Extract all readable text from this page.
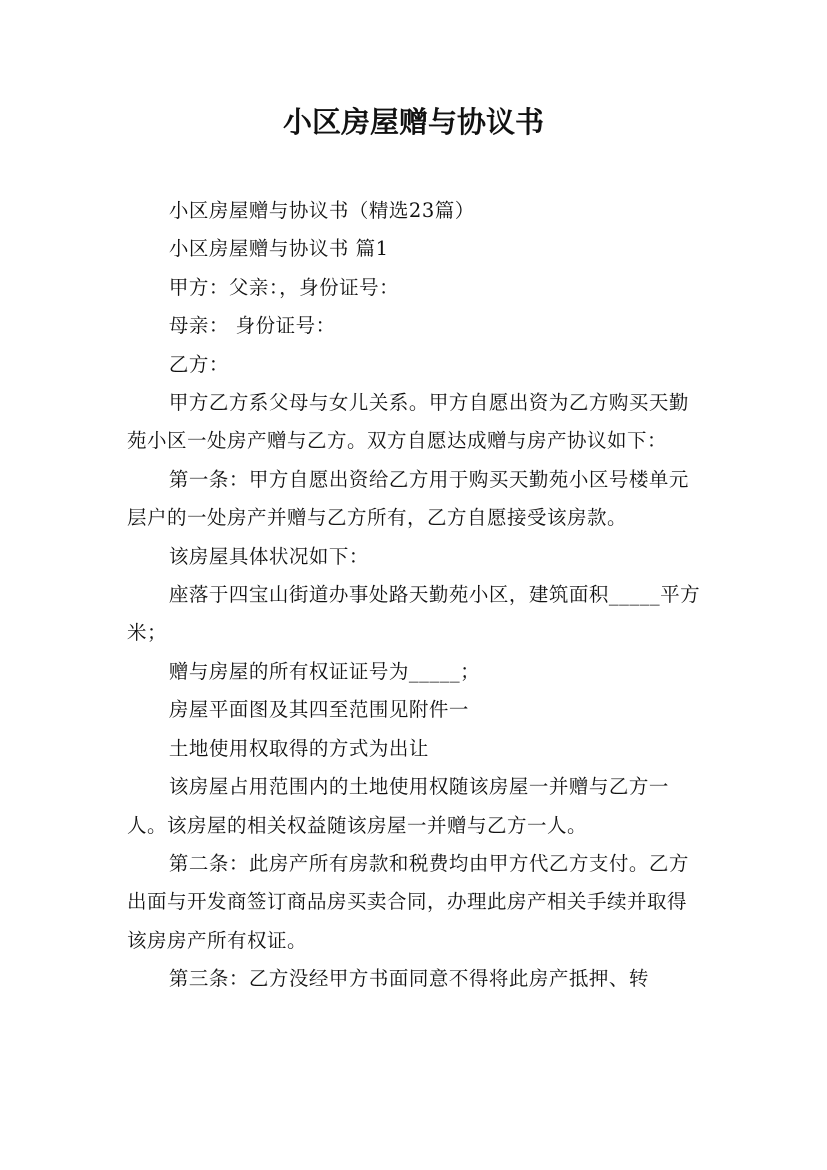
小区房屋赠与协议书

小区房屋赠与协议书（精选23篇）

小区房屋赠与协议书 篇1

甲方：父亲：，身份证号：

母亲： 身份证号：

乙方：

甲方乙方系父母与女儿关系。甲方自愿出资为乙方购买天勤苑小区一处房产赠与乙方。双方自愿达成赠与房产协议如下：

第一条：甲方自愿出资给乙方用于购买天勤苑小区号楼单元层户的一处房产并赠与乙方所有，乙方自愿接受该房款。

该房屋具体状况如下：

座落于四宝山街道办事处路天勤苑小区，建筑面积_____平方米；

赠与房屋的所有权证证号为_____；

房屋平面图及其四至范围见附件一

土地使用权取得的方式为出让

该房屋占用范围内的土地使用权随该房屋一并赠与乙方一人。该房屋的相关权益随该房屋一并赠与乙方一人。

第二条：此房产所有房款和税费均由甲方代乙方支付。乙方出面与开发商签订商品房买卖合同，办理此房产相关手续并取得该房房产所有权证。

第三条：乙方没经甲方书面同意不得将此房产抵押、转
